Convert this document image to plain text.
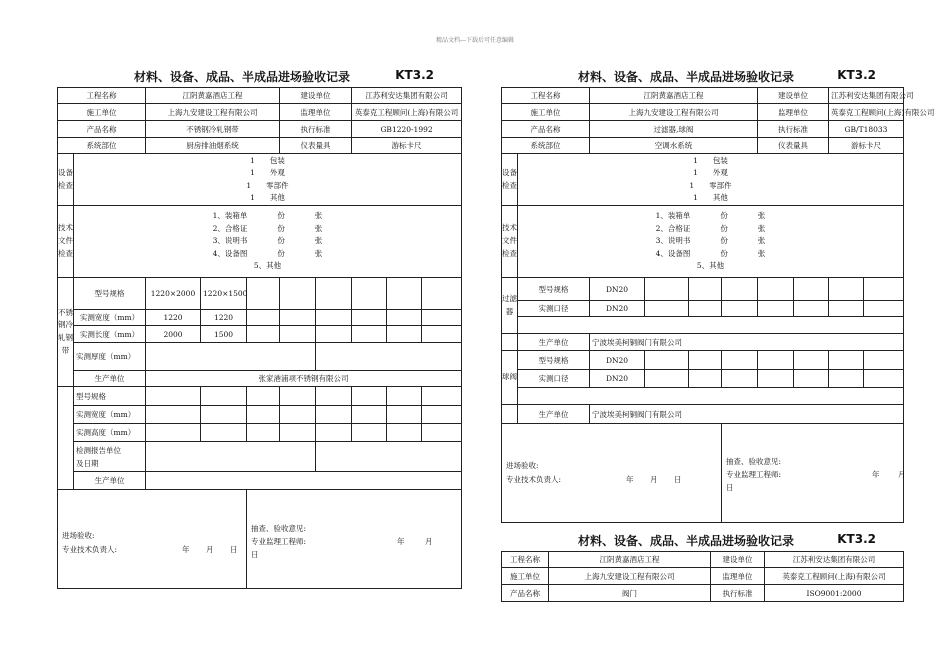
精品文档---下载后可任意编辑
材料、设备、成品、半成品进场验收记录	KT3.2
工程名称		江阴黄嘉酒店工程			建设单位		江苏利安达集团有限公司		
施工单位		上海九安建设工程有限公司			监理单位		英泰克工程顾问(上海)有限公司		
产品名称		不锈钢冷轧钢带			执行标准		GB1220-1992		
系统部位		厨房排油烟系统			仪表量具		游标卡尺		
设备检查	1　　包装
1　　外观
1　　零部件
1　　其他								

技术文件检查	1、装箱单　　　　份　　　　张
2、合格证　　　　份　　　　张
3、说明书　　　　份　　　　张
4、设备图　　　　份　　　　张
5、其他								

不锈钢冷轧钢带	型号规格	1220×2000	1220×1500						
	实测宽度（mm）	1220	1220						
	实测长度（mm）	2000	1500						
	实测厚度（mm）								
	生产单位	张家港浦项不锈钢有限公司							
	型号规格								
	实测宽度（mm）								
	实测高度（mm）								

	检测报告单位
及日期								

	生产单位								

进场验收:
专业技术负责人: 年 月 日				抽查、验收意见:
专业监理工程师: 年 月
日					
材料、设备、成品、半成品进场验收记录	KT3.2
工程名称		江阴黄嘉酒店工程				建设单位		江苏利安达集团有限公司	
施工单位		上海九安建设工程有限公司				监理单位		英泰克工程顾问(上海)有限公司	
产品名称		过滤器,球阀				执行标准		GB/T18033	
系统部位		空调水系统				仪表量具		游标卡尺	
设备检查	1　　包装
1　　外观
1　　零部件
1　　其他								

技术文件检查	1、装箱单　　　　份　　　　张
2、合格证　　　　份　　　　张
3、说明书　　　　份　　　　张
4、设备图　　　　份　　　　张
5、其他								

过滤器	型号规格	DN20							
	实测口径	DN20							

	生产单位	宁波埃美柯铜阀门有限公司							
球阀	型号规格	DN20							
	实测口径	DN20							

	生产单位	宁波埃美柯铜阀门有限公司							

进场验收:
专业技术负责人: 年 月 日					抽查、验收意见:
专业监理工程师: 年 月
日				
材料、设备、成品、半成品进场验收记录	KT3.2
工程名称	江阴黄嘉酒店工程	建设单位	江苏利安达集团有限公司
施工单位	上海九安建设工程有限公司	监理单位	英泰克工程顾问(上海)有限公司
产品名称	阀门	执行标准	ISO9001:2000
